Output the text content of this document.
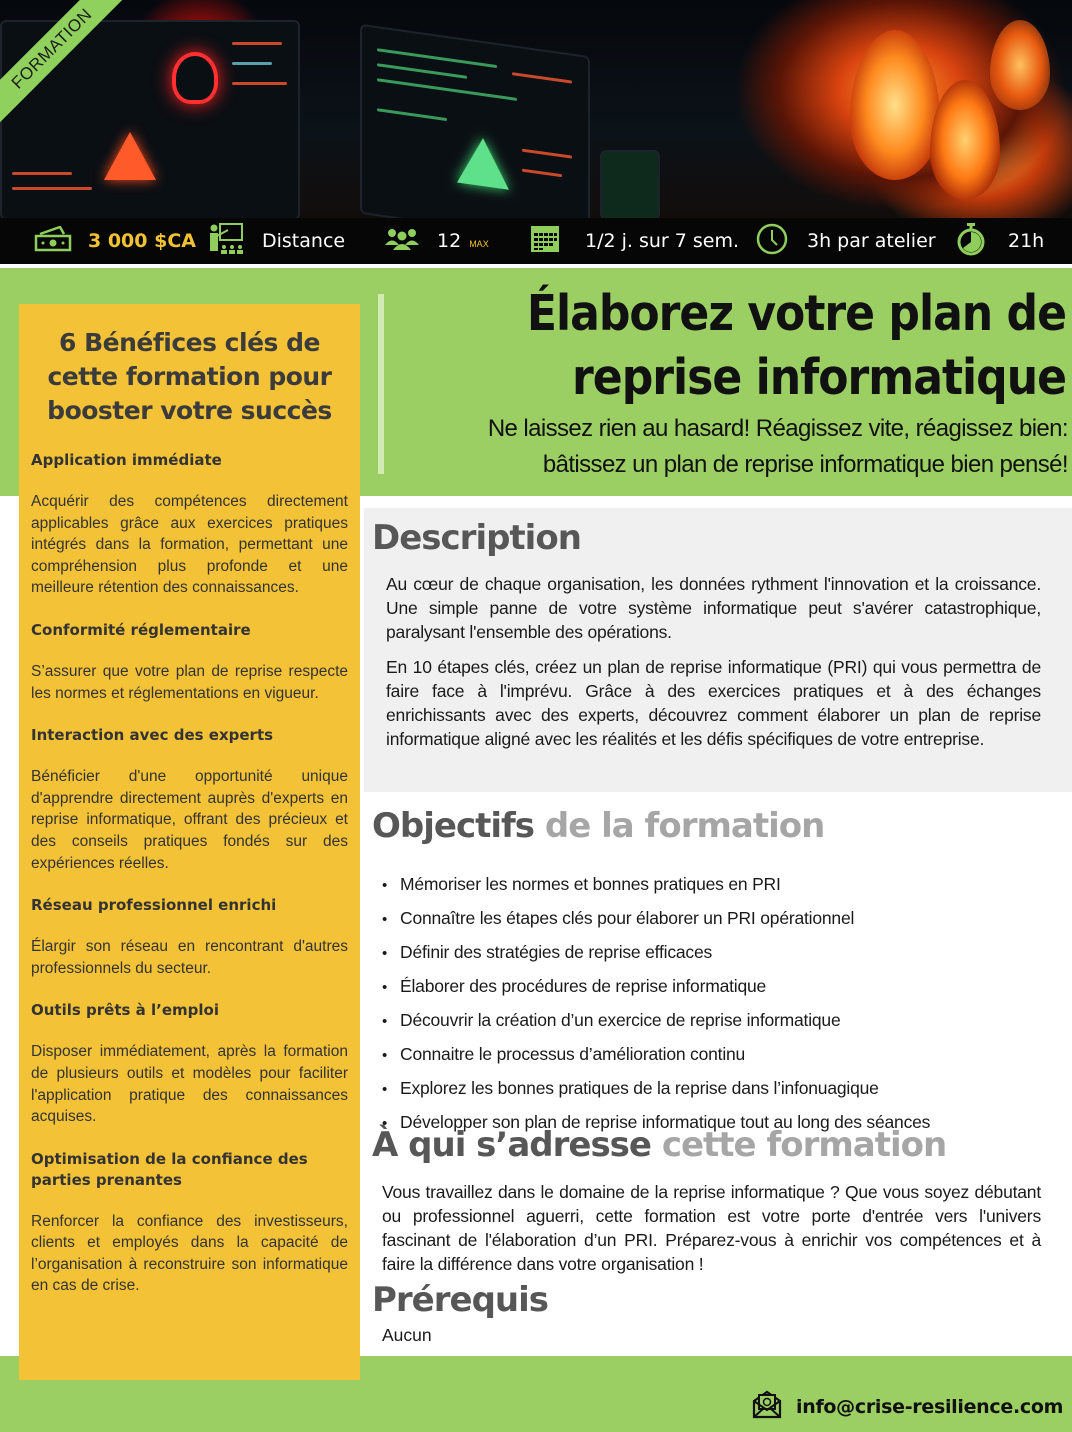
FORMATION
3 000 $CA	Distance	12 MAX	1/2 j. sur 7 sem.	3h par atelier	21h
Élaborez votre plan de
reprise informatique
Ne laissez rien au hasard! Réagissez vite, réagissez bien:
bâtissez un plan de reprise informatique bien pensé!
6 Bénéfices clés de cette formation pour booster votre succès
Application immédiate

Acquérir des compétences directement applicables grâce aux exercices pratiques intégrés dans la formation, permettant une compréhension plus profonde et une meilleure rétention des connaissances.

Conformité réglementaire

S’assurer que votre plan de reprise respecte les normes et réglementations en vigueur.

Interaction avec des experts

Bénéficier d'une opportunité unique d'apprendre directement auprès d'experts en reprise informatique, offrant des précieux et des conseils pratiques fondés sur des expériences réelles.

Réseau professionnel enrichi

Élargir son réseau en rencontrant d'autres professionnels du secteur.

Outils prêts à l’emploi

Disposer immédiatement, après la formation de plusieurs outils et modèles pour faciliter l'application pratique des connaissances acquises.

Optimisation de la confiance des parties prenantes

Renforcer la confiance des investisseurs, clients et employés dans la capacité de l’organisation à reconstruire son informatique en cas de crise.

Description

Au cœur de chaque organisation, les données rythment l'innovation et la croissance. Une simple panne de votre système informatique peut s'avérer catastrophique, paralysant l'ensemble des opérations.

En 10 étapes clés, créez un plan de reprise informatique (PRI) qui vous permettra de faire face à l'imprévu. Grâce à des exercices pratiques et à des échanges enrichissants avec des experts, découvrez comment élaborer un plan de reprise informatique aligné avec les réalités et les défis spécifiques de votre entreprise.

Objectifs de la formation
• Mémoriser les normes et bonnes pratiques en PRI
• Connaître les étapes clés pour élaborer un PRI opérationnel
• Définir des stratégies de reprise efficaces
• Élaborer des procédures de reprise informatique
• Découvrir la création d’un exercice de reprise informatique
• Connaitre le processus d’amélioration continu
• Explorez les bonnes pratiques de la reprise dans l’infonuagique
• Développer son plan de reprise informatique tout au long des séances
À qui s’adresse cette formation

Vous travaillez dans le domaine de la reprise informatique ? Que vous soyez débutant ou professionnel aguerri, cette formation est votre porte d'entrée vers l'univers fascinant de l'élaboration d’un PRI. Préparez-vous à enrichir vos compétences et à faire la différence dans votre organisation !

Prérequis

Aucun

info@crise-resilience.com
